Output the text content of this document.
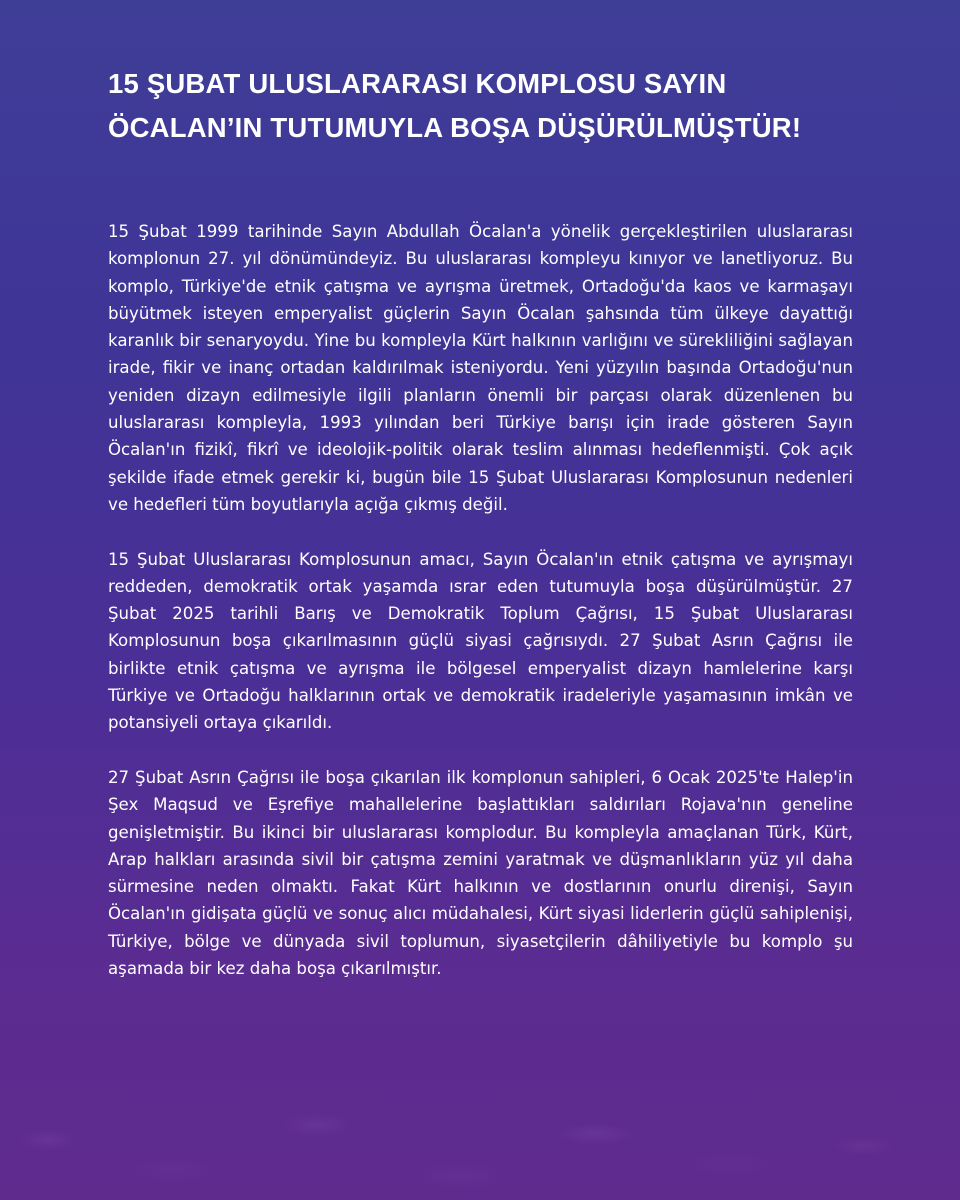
15 ŞUBAT ULUSLARARASI KOMPLOSU SAYIN ÖCALAN’IN TUTUMUYLA BOŞA DÜŞÜRÜLMÜŞTÜR!

15 Şubat 1999 tarihinde Sayın Abdullah Öcalan'a yönelik gerçekleştirilen uluslararası komplonun 27. yıl dönümündeyiz. Bu uluslararası kompleyu kınıyor ve lanetliyoruz. Bu komplo, Türkiye'de etnik çatışma ve ayrışma üretmek, Ortadoğu'da kaos ve karmaşayı büyütmek isteyen emperyalist güçlerin Sayın Öcalan şahsında tüm ülkeye dayattığı karanlık bir senaryoydu. Yine bu kompleyla Kürt halkının varlığını ve sürekliliğini sağlayan irade, fikir ve inanç ortadan kaldırılmak isteniyordu. Yeni yüzyılın başında Ortadoğu'nun yeniden dizayn edilmesiyle ilgili planların önemli bir parçası olarak düzenlenen bu uluslararası kompleyla, 1993 yılından beri Türkiye barışı için irade gösteren Sayın Öcalan'ın fizikî, fikrî ve ideolojik-politik olarak teslim alınması hedeflenmişti. Çok açık şekilde ifade etmek gerekir ki, bugün bile 15 Şubat Uluslararası Komplosunun nedenleri ve hedefleri tüm boyutlarıyla açığa çıkmış değil.

15 Şubat Uluslararası Komplosunun amacı, Sayın Öcalan'ın etnik çatışma ve ayrışmayı reddeden, demokratik ortak yaşamda ısrar eden tutumuyla boşa düşürülmüştür. 27 Şubat 2025 tarihli Barış ve Demokratik Toplum Çağrısı, 15 Şubat Uluslararası Komplosunun boşa çıkarılmasının güçlü siyasi çağrısıydı. 27 Şubat Asrın Çağrısı ile birlikte etnik çatışma ve ayrışma ile bölgesel emperyalist dizayn hamlelerine karşı Türkiye ve Ortadoğu halklarının ortak ve demokratik iradeleriyle yaşamasının imkân ve potansiyeli ortaya çıkarıldı.

27 Şubat Asrın Çağrısı ile boşa çıkarılan ilk komplonun sahipleri, 6 Ocak 2025'te Halep'in Şex Maqsud ve Eşrefiye mahallelerine başlattıkları saldırıları Rojava'nın geneline genişletmiştir. Bu ikinci bir uluslararası komplodur. Bu kompleyla amaçlanan Türk, Kürt, Arap halkları arasında sivil bir çatışma zemini yaratmak ve düşmanlıkların yüz yıl daha sürmesine neden olmaktı. Fakat Kürt halkının ve dostlarının onurlu direnişi, Sayın Öcalan'ın gidişata güçlü ve sonuç alıcı müdahalesi, Kürt siyasi liderlerin güçlü sahiplenişi, Türkiye, bölge ve dünyada sivil toplumun, siyasetçilerin dâhiliyetiyle bu komplo şu aşamada bir kez daha boşa çıkarılmıştır.
